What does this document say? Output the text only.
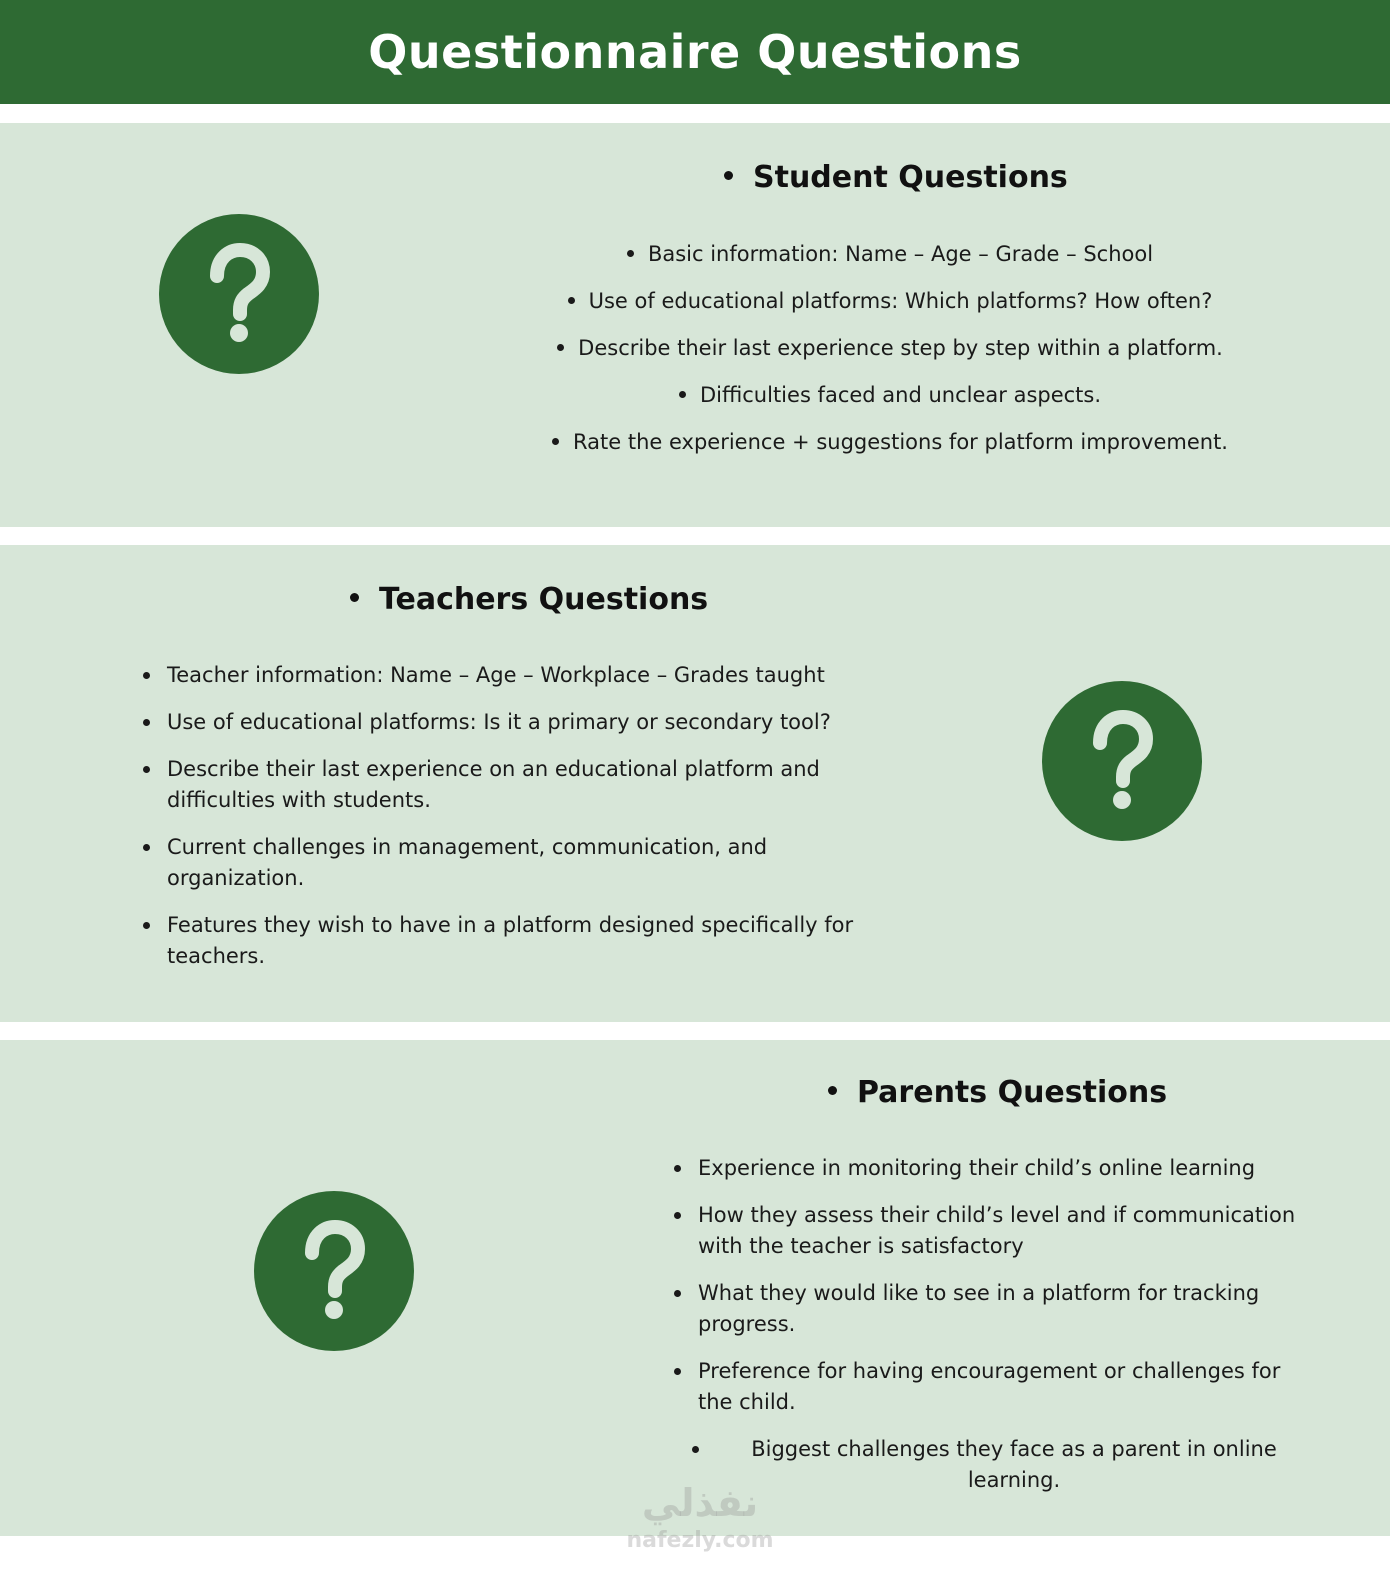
Questionnaire Questions
Student Questions
Basic information: Name – Age – Grade – School
Use of educational platforms: Which platforms? How often?
Describe their last experience step by step within a platform.
Difficulties faced and unclear aspects.
Rate the experience + suggestions for platform improvement.
Teachers Questions
Teacher information: Name – Age – Workplace – Grades taught
Use of educational platforms: Is it a primary or secondary tool?
Describe their last experience on an educational platform and difficulties with students.
Current challenges in management, communication, and organization.
Features they wish to have in a platform designed specifically for teachers.
Parents Questions
Experience in monitoring their child’s online learning
How they assess their child’s level and if communication with the teacher is satisfactory
What they would like to see in a platform for tracking progress.
Preference for having encouragement or challenges for the child.
Biggest challenges they face as a parent in online learning.
نفذلي
nafezly.com
